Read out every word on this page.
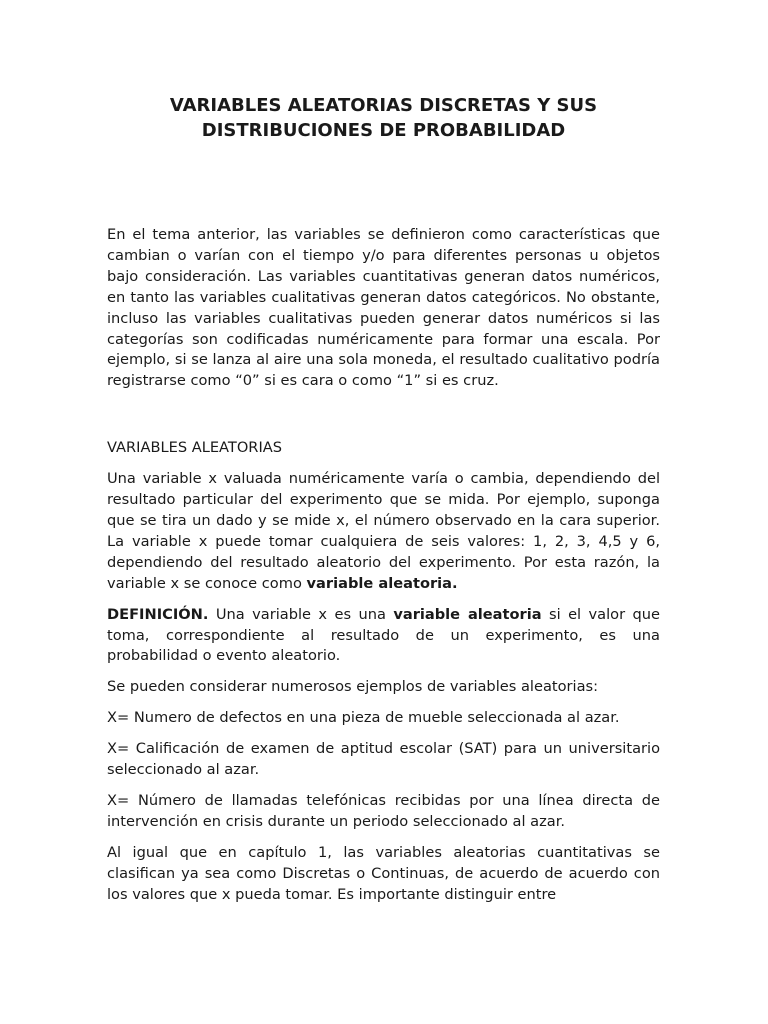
VARIABLES ALEATORIAS DISCRETAS Y SUS
DISTRIBUCIONES DE PROBABILIDAD

En el tema anterior, las variables se definieron como características que cambian o varían con el tiempo y/o para diferentes personas u objetos bajo consideración. Las variables cuantitativas generan datos numéricos, en tanto las variables cualitativas generan datos categóricos. No obstante, incluso las variables cualitativas pueden generar datos numéricos si las categorías son codificadas numéricamente para formar una escala. Por ejemplo, si se lanza al aire una sola moneda, el resultado cualitativo podría registrarse como “0” si es cara o como “1” si es cruz.

VARIABLES ALEATORIAS

Una variable x valuada numéricamente varía o cambia, dependiendo del resultado particular del experimento que se mida. Por ejemplo, suponga que se tira un dado y se mide x, el número observado en la cara superior. La variable x puede tomar cualquiera de seis valores: 1, 2, 3, 4,5 y 6, dependiendo del resultado aleatorio del experimento. Por esta razón, la variable x se conoce como variable aleatoria.

DEFINICIÓN. Una variable x es una variable aleatoria si el valor que toma, correspondiente al resultado de un experimento, es una probabilidad o evento aleatorio.

Se pueden considerar numerosos ejemplos de variables aleatorias:

X= Numero de defectos en una pieza de mueble seleccionada al azar.

X= Calificación de examen de aptitud escolar (SAT) para un universitario seleccionado al azar.

X= Número de llamadas telefónicas recibidas por una línea directa de intervención en crisis durante un periodo seleccionado al azar.

Al igual que en capítulo 1, las variables aleatorias cuantitativas se clasifican ya sea como Discretas o Continuas, de acuerdo de acuerdo con los valores que x pueda tomar. Es importante distinguir entre
